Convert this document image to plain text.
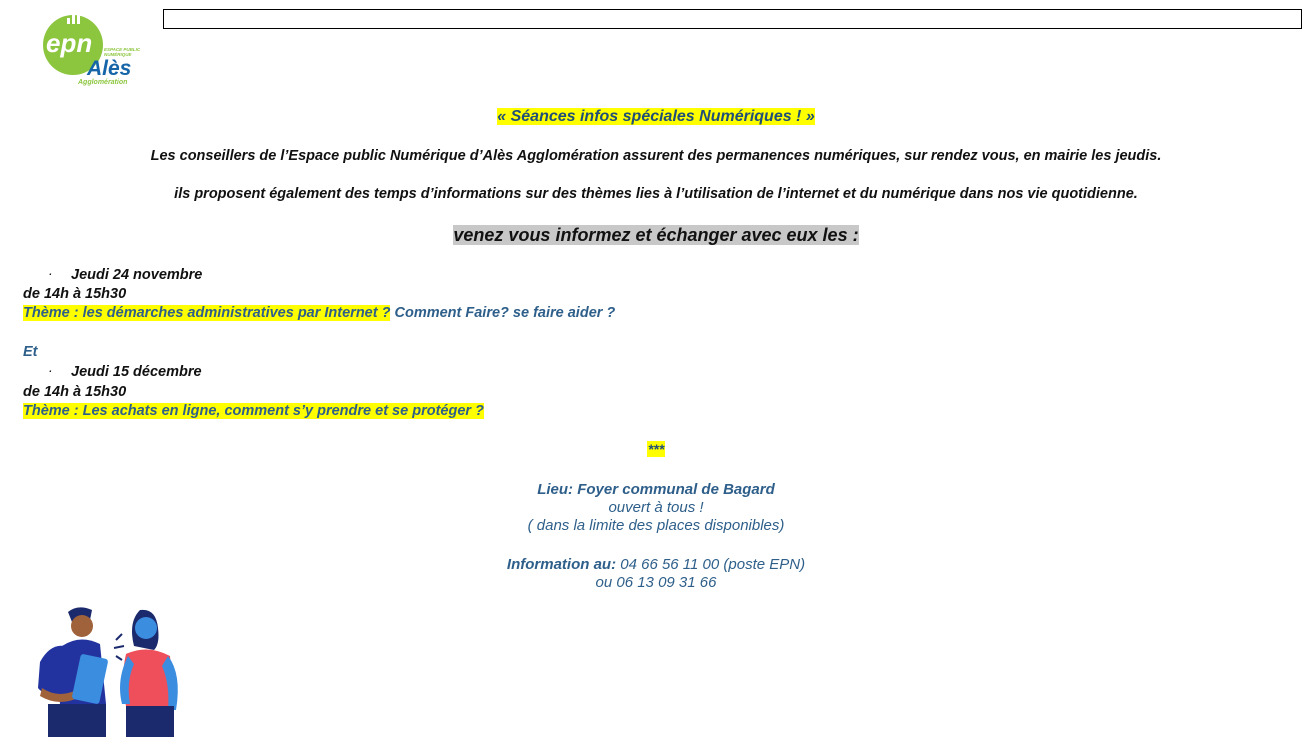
epn	ESPACE PUBLIC
NUMÉRIQUE
Alès
Agglomération
« Séances infos spéciales Numériques ! »
Les conseillers de l’Espace public Numérique d’Alès Agglomération assurent des permanences numériques, sur rendez vous, en mairie les jeudis.
ils proposent également des temps d’informations sur des thèmes lies à l’utilisation de l’internet et du numérique dans nos vie quotidienne.
venez vous informez et échanger avec eux les :
· Jeudi 24 novembre
de 14h à 15h30
Thème : les démarches administratives par Internet ? Comment Faire? se faire aider ?
Et
· Jeudi 15 décembre
de 14h à 15h30
Thème : Les achats en ligne, comment s’y prendre et se protéger ?
***
Lieu: Foyer communal de Bagard
ouvert à tous !
( dans la limite des places disponibles)
Information au: 04 66 56 11 00 (poste EPN)
ou 06 13 09 31 66
